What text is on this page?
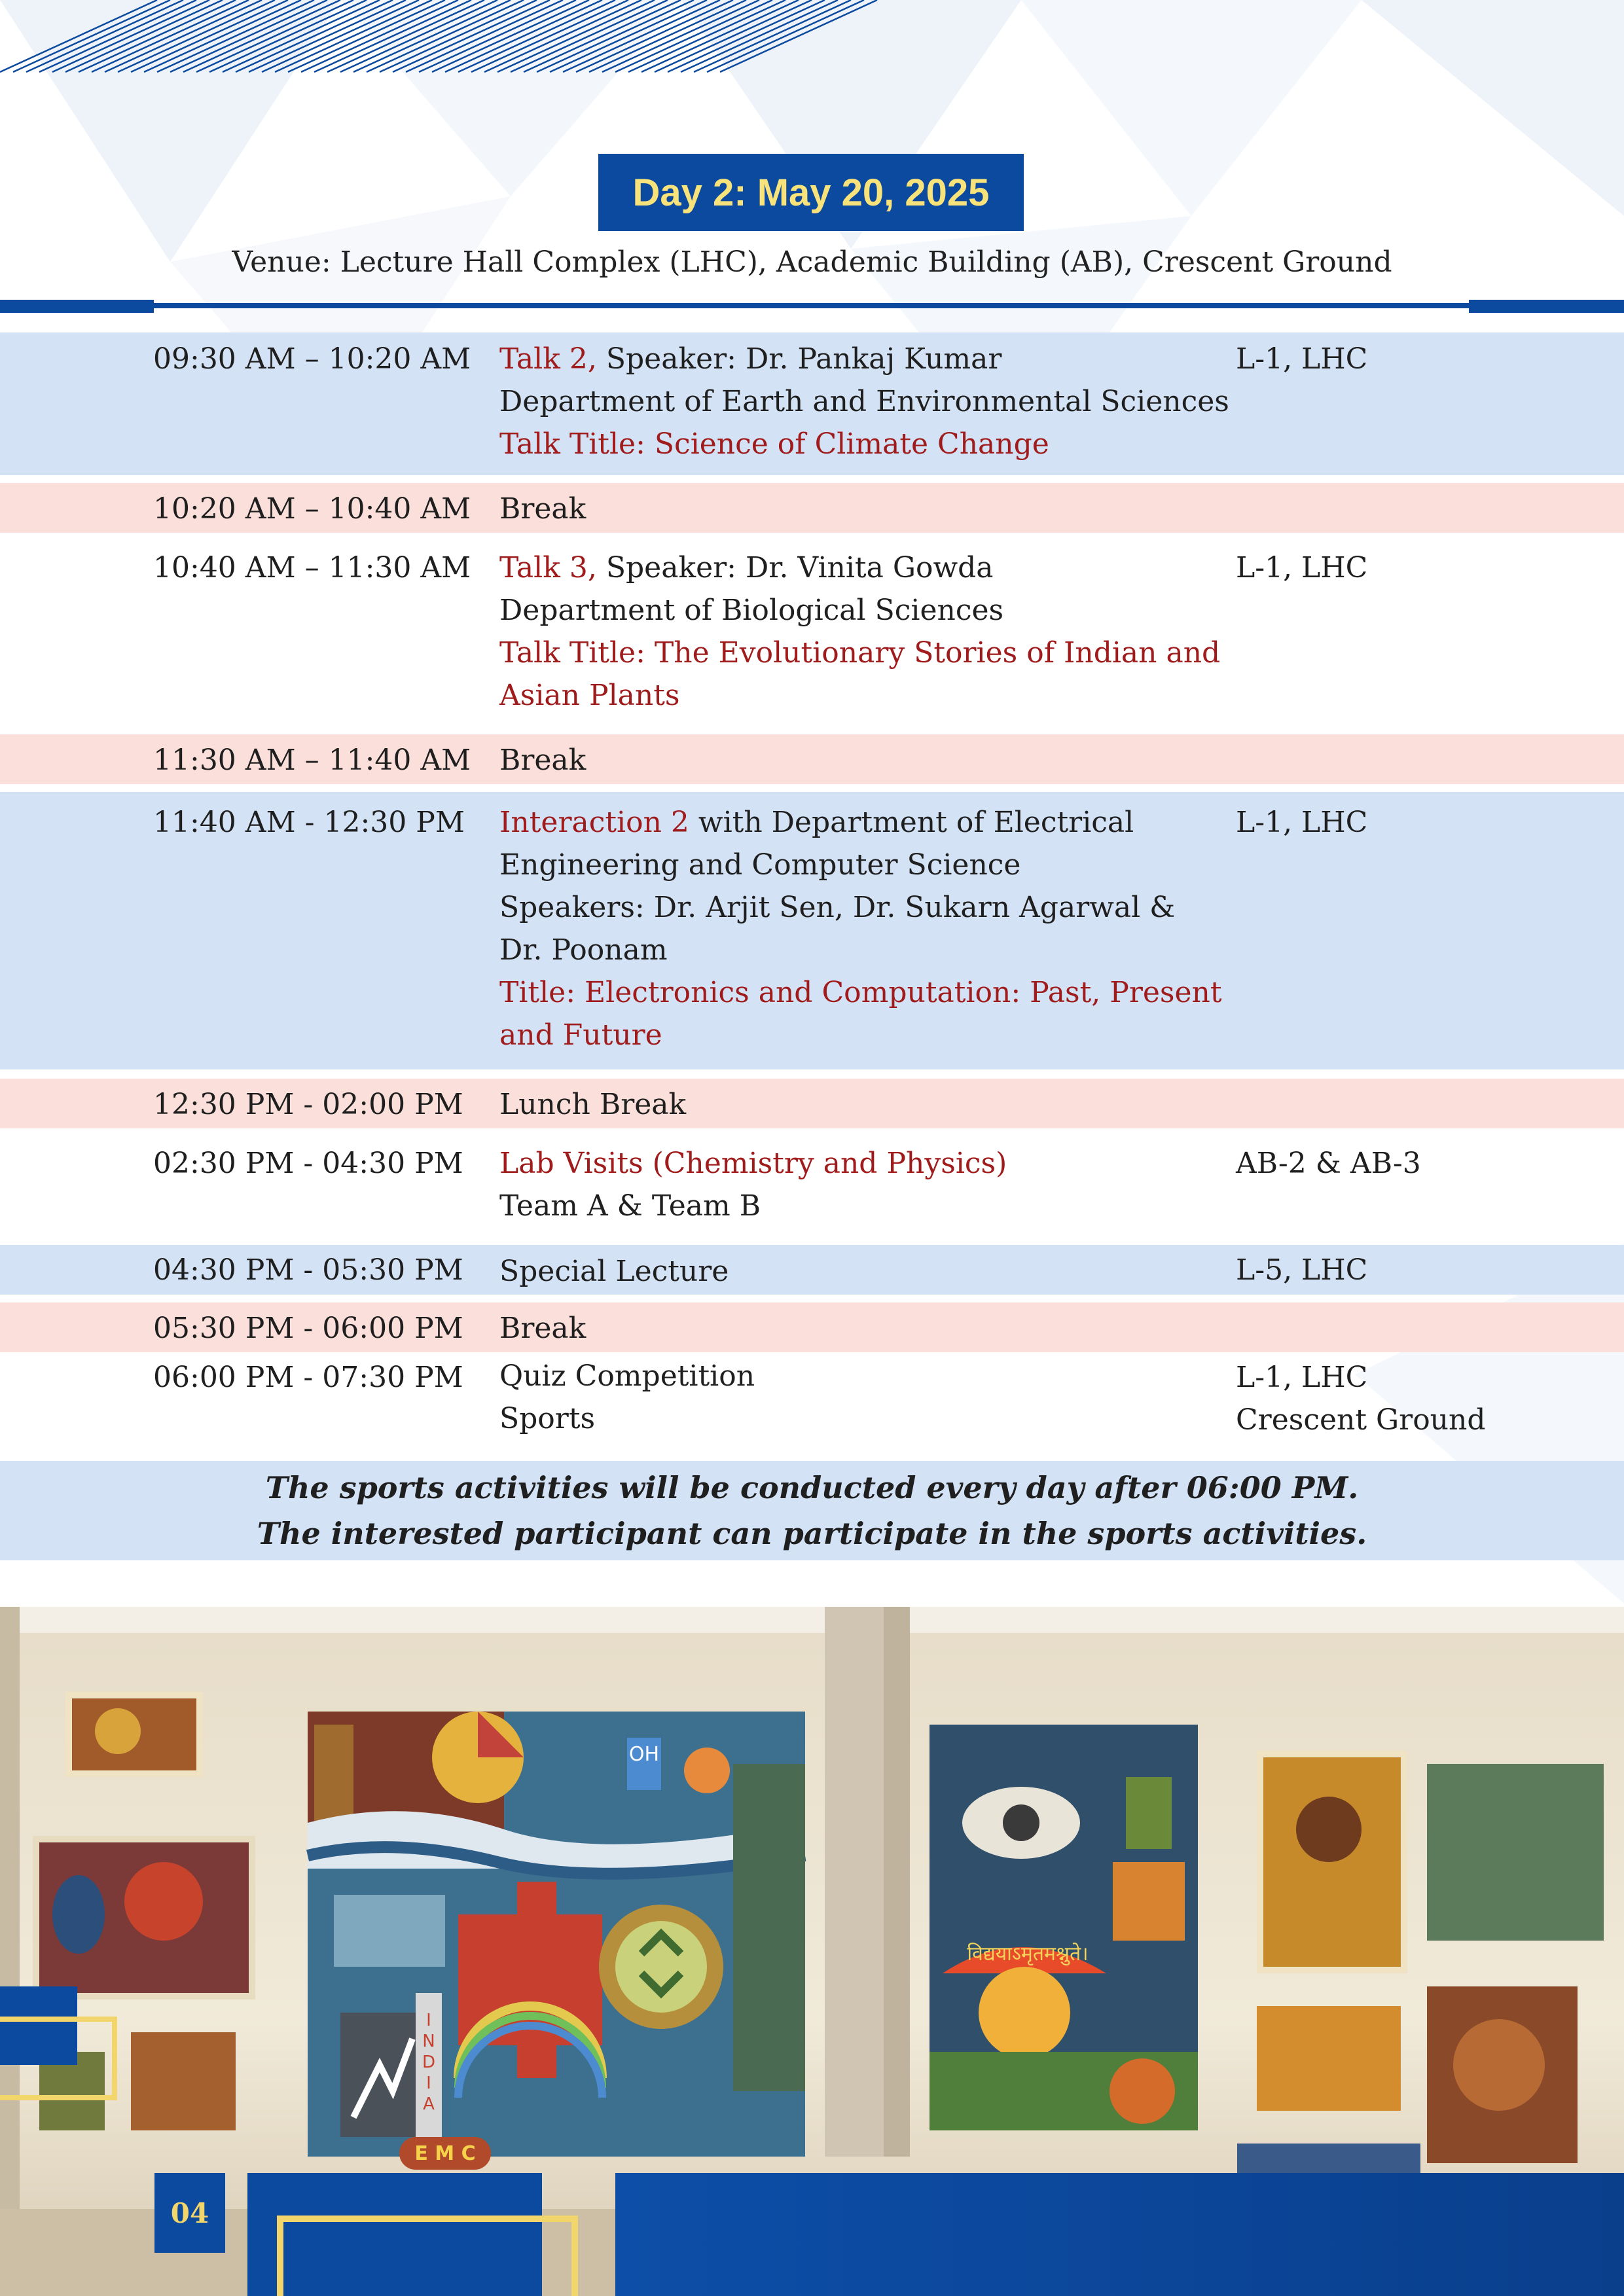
Day 2: May 20, 2025
Venue: Lecture Hall Complex (LHC), Academic Building (AB), Crescent Ground
09:30 AM – 10:20 AM Talk 2, Speaker: Dr. Pankaj Kumar
Department of Earth and Environmental Sciences
Talk Title: Science of Climate Change
L-1, LHC
10:20 AM – 10:40 AM Break
10:40 AM – 11:30 AM Talk 3, Speaker: Dr. Vinita Gowda
Department of Biological Sciences
Talk Title: The Evolutionary Stories of Indian and
Asian Plants
L-1, LHC
11:30 AM – 11:40 AM Break
11:40 AM - 12:30 PM Interaction 2 with Department of Electrical
Engineering and Computer Science
Speakers: Dr. Arjit Sen, Dr. Sukarn Agarwal &
Dr. Poonam
Title: Electronics and Computation: Past, Present
and Future
L-1, LHC
12:30 PM - 02:00 PM Lunch Break
02:30 PM - 04:30 PM Lab Visits (Chemistry and Physics)
Team A & Team B
AB-2 & AB-3
04:30 PM - 05:30 PM Special Lecture	L-5, LHC
05:30 PM - 06:00 PM Break
06:00 PM - 07:30 PM Quiz Competition
Sports
L-1, LHC
Crescent Ground
The sports activities will be conducted every day after 06:00 PM.
The interested participant can participate in the sports activities.
I N D I A
E M C
OH
विद्ययाऽमृतमश्नुते।
04
